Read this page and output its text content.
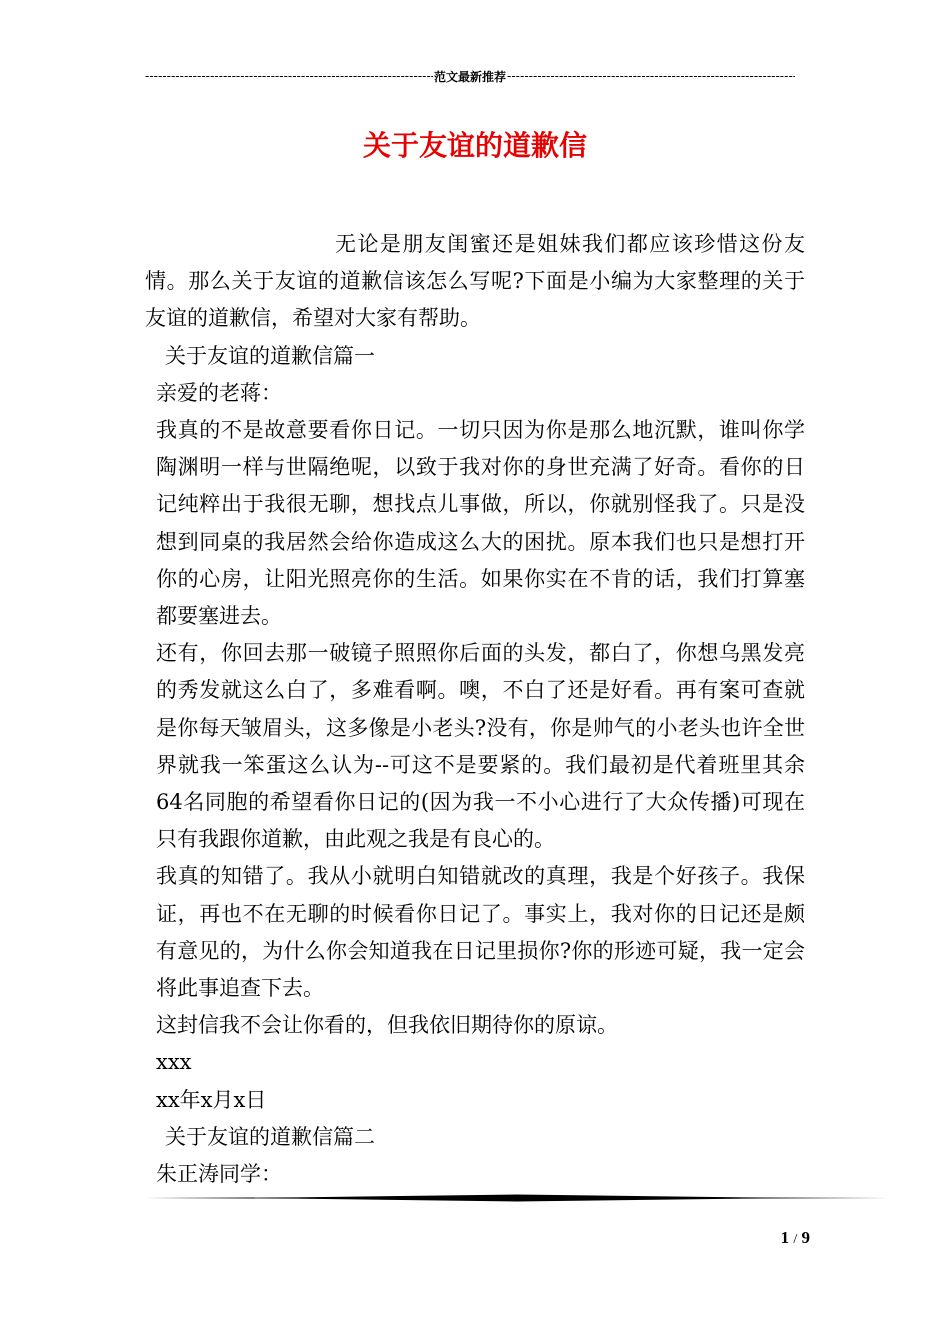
-----
范文最新推荐
-----
关于友谊的道歉信

无论是朋友闺蜜还是姐妹我们都应该珍惜这份友情。那么关于友谊的道歉信该怎么写呢?下面是小编为大家整理的关于友谊的道歉信，希望对大家有帮助。

关于友谊的道歉信篇一

亲爱的老蒋：

我真的不是故意要看你日记。一切只因为你是那么地沉默，谁叫你学陶渊明一样与世隔绝呢，以致于我对你的身世充满了好奇。看你的日记纯粹出于我很无聊，想找点儿事做，所以，你就别怪我了。只是没想到同桌的我居然会给你造成这么大的困扰。原本我们也只是想打开你的心房，让阳光照亮你的生活。如果你实在不肯的话，我们打算塞都要塞进去。

还有，你回去那一破镜子照照你后面的头发，都白了，你想乌黑发亮的秀发就这么白了，多难看啊。噢，不白了还是好看。再有案可查就是你每天皱眉头，这多像是小老头?没有，你是帅气的小老头也许全世界就我一笨蛋这么认为--可这不是要紧的。我们最初是代着班里其余64名同胞的希望看你日记的(因为我一不小心进行了大众传播)可现在只有我跟你道歉，由此观之我是有良心的。

我真的知错了。我从小就明白知错就改的真理，我是个好孩子。我保证，再也不在无聊的时候看你日记了。事实上，我对你的日记还是颇有意见的，为什么你会知道我在日记里损你?你的形迹可疑，我一定会将此事追查下去。

这封信我不会让你看的，但我依旧期待你的原谅。

xxx

xx年x月x日

关于友谊的道歉信篇二

朱正涛同学：

1 / 9
